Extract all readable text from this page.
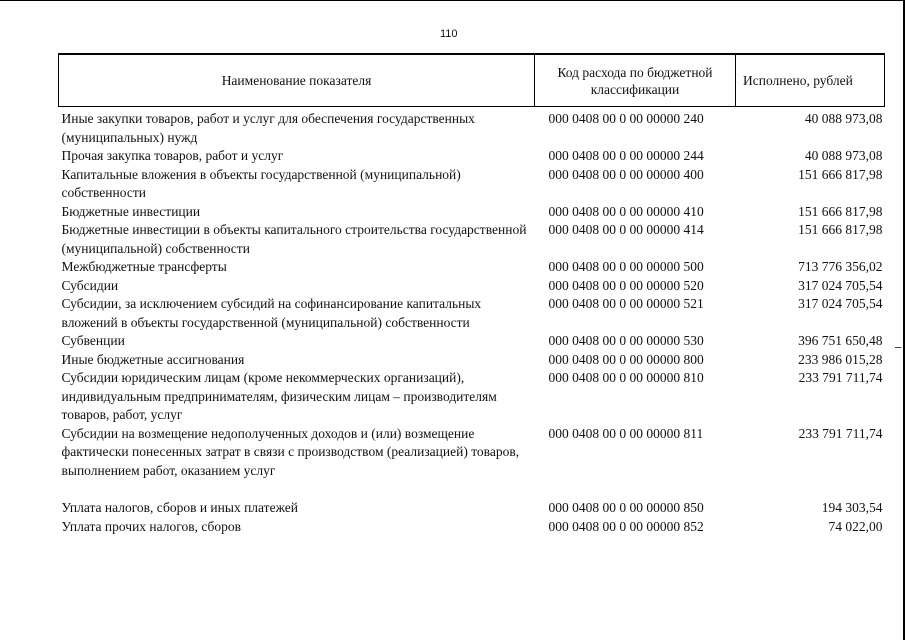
110
Наименование показателя	Код расхода по бюджетной классификации	Исполнено, рублей
Иные закупки товаров, работ и услуг для обеспечения государственных (муниципальных) нужд	000 0408 00 0 00 00000 240	40 088 973,08
Прочая закупка товаров, работ и услуг	000 0408 00 0 00 00000 244	40 088 973,08
Капитальные вложения в объекты государственной (муниципальной) собственности	000 0408 00 0 00 00000 400	151 666 817,98
Бюджетные инвестиции	000 0408 00 0 00 00000 410	151 666 817,98
Бюджетные инвестиции в объекты капитального строительства государственной (муниципальной) собственности	000 0408 00 0 00 00000 414	151 666 817,98
Межбюджетные трансферты	000 0408 00 0 00 00000 500	713 776 356,02
Субсидии	000 0408 00 0 00 00000 520	317 024 705,54
Субсидии, за исключением субсидий на софинансирование капитальных вложений в объекты государственной (муниципальной) собственности	000 0408 00 0 00 00000 521	317 024 705,54
Субвенции	000 0408 00 0 00 00000 530	396 751 650,48
Иные бюджетные ассигнования	000 0408 00 0 00 00000 800	233 986 015,28
Субсидии юридическим лицам (кроме некоммерческих организаций), индивидуальным предпринимателям, физическим лицам – производителям товаров, работ, услуг	000 0408 00 0 00 00000 810	233 791 711,74
Субсидии на возмещение недополученных доходов и (или) возмещение фактически понесенных затрат в связи с производством (реализацией) товаров, выполнением работ, оказанием услуг	000 0408 00 0 00 00000 811	233 791 711,74
Уплата налогов, сборов и иных платежей	000 0408 00 0 00 00000 850	194 303,54
Уплата прочих налогов, сборов	000 0408 00 0 00 00000 852	74 022,00
